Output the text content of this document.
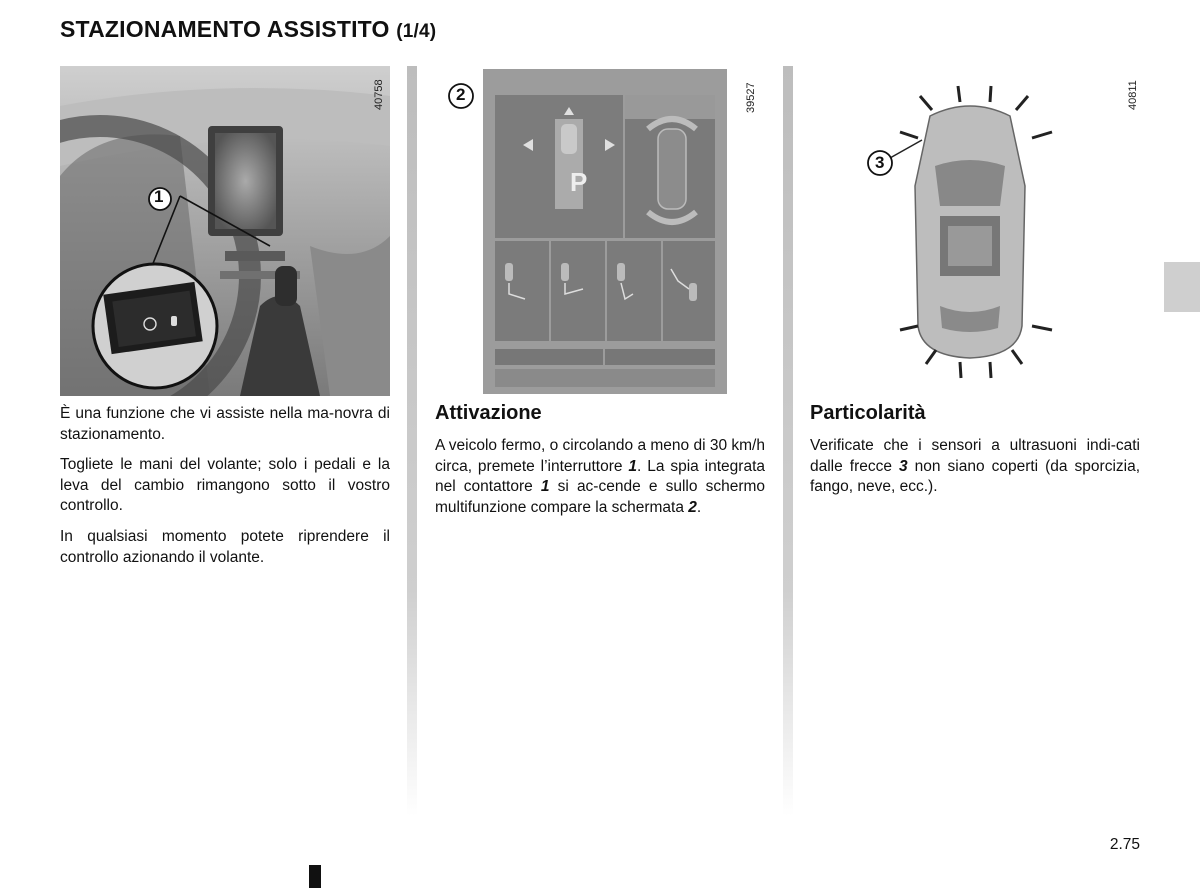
STAZIONAMENTO ASSISTITO (1/4)
1
40758
P
2	39527
3
40811

È una funzione che vi assiste nella ma-novra di stazionamento.

Togliete le mani del volante; solo i pedali e la leva del cambio rimangono sotto il vostro controllo.

In qualsiasi momento potete riprendere il controllo azionando il volante.

Attivazione

A veicolo fermo, o circolando a meno di 30 km/h circa, premete l’interruttore 1. La spia integrata nel contattore 1 si ac-cende e sullo schermo multifunzione compare la schermata 2.

Particolarità

Verificate che i sensori a ultrasuoni indi-cati dalle frecce 3 non siano coperti (da sporcizia, fango, neve, ecc.).

2.75
